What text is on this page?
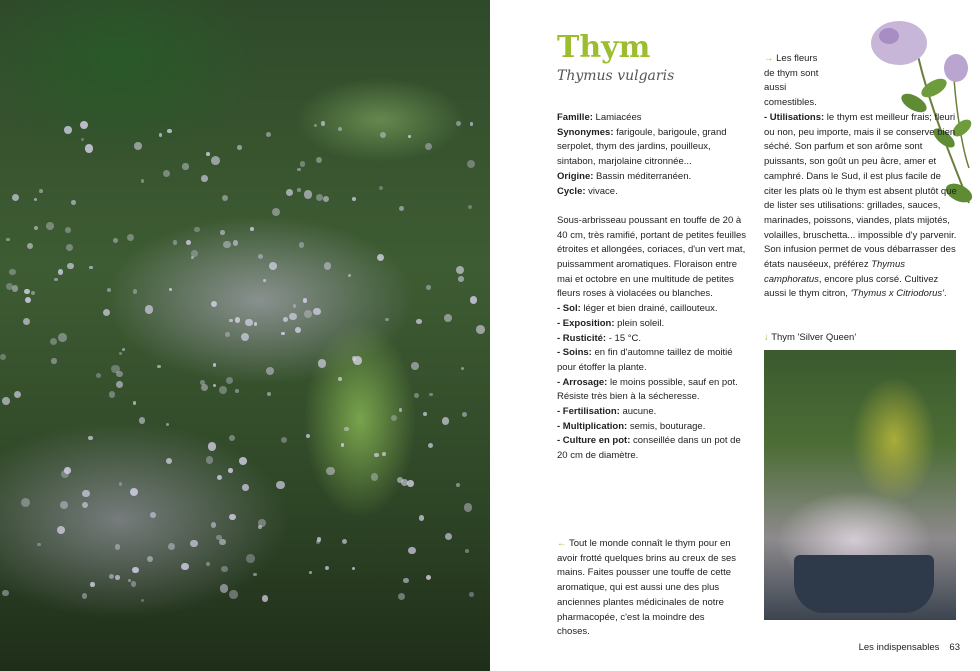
Thym
Thymus vulgaris

Famille: Lamiacées

Synonymes: farigoule, barigoule, grand serpolet, thym des jardins, pouilleux, sintabon, marjolaine citronnée...

Origine: Bassin méditerranéen.

Cycle: vivace.

Sous-arbrisseau poussant en touffe de 20 à 40 cm, très ramifié, portant de petites feuilles étroites et allongées, coriaces, d'un vert mat, puissamment aromatiques. Floraison entre mai et octobre en une multitude de petites fleurs roses à violacées ou blanches.

- Sol: léger et bien drainé, caillouteux.

- Exposition: plein soleil.

- Rusticité: - 15 °C.

- Soins: en fin d'automne taillez de moitié pour étoffer la plante.

- Arrosage: le moins possible, sauf en pot. Résiste très bien à la sécheresse.

- Fertilisation: aucune.

- Multiplication: semis, bouturage.

- Culture en pot: conseillée dans un pot de 20 cm de diamètre.

← Tout le monde connaît le thym pour en avoir frotté quelques brins au creux de ses mains. Faites pousser une touffe de cette aromatique, qui est aussi une des plus anciennes plantes médicinales de notre pharmacopée, c'est la moindre des choses.
→ Les fleurs de thym sont aussi comestibles.

- Utilisations: le thym est meilleur frais; fleuri ou non, peu importe, mais il se conserve bien séché. Son parfum et son arôme sont puissants, son goût un peu âcre, amer et camphré. Dans le Sud, il est plus facile de citer les plats où le thym est absent plutôt que de lister ses utilisations: grillades, sauces, marinades, poissons, viandes, plats mijotés, volailles, bruschetta... impossible d'y parvenir. Son infusion permet de vous débarrasser des états nauséeux, préférez Thymus camphoratus, encore plus corsé. Cultivez aussi le thym citron, 'Thymus x Citriodorus'.

↓ Thym 'Silver Queen'
Les indispensables 63
